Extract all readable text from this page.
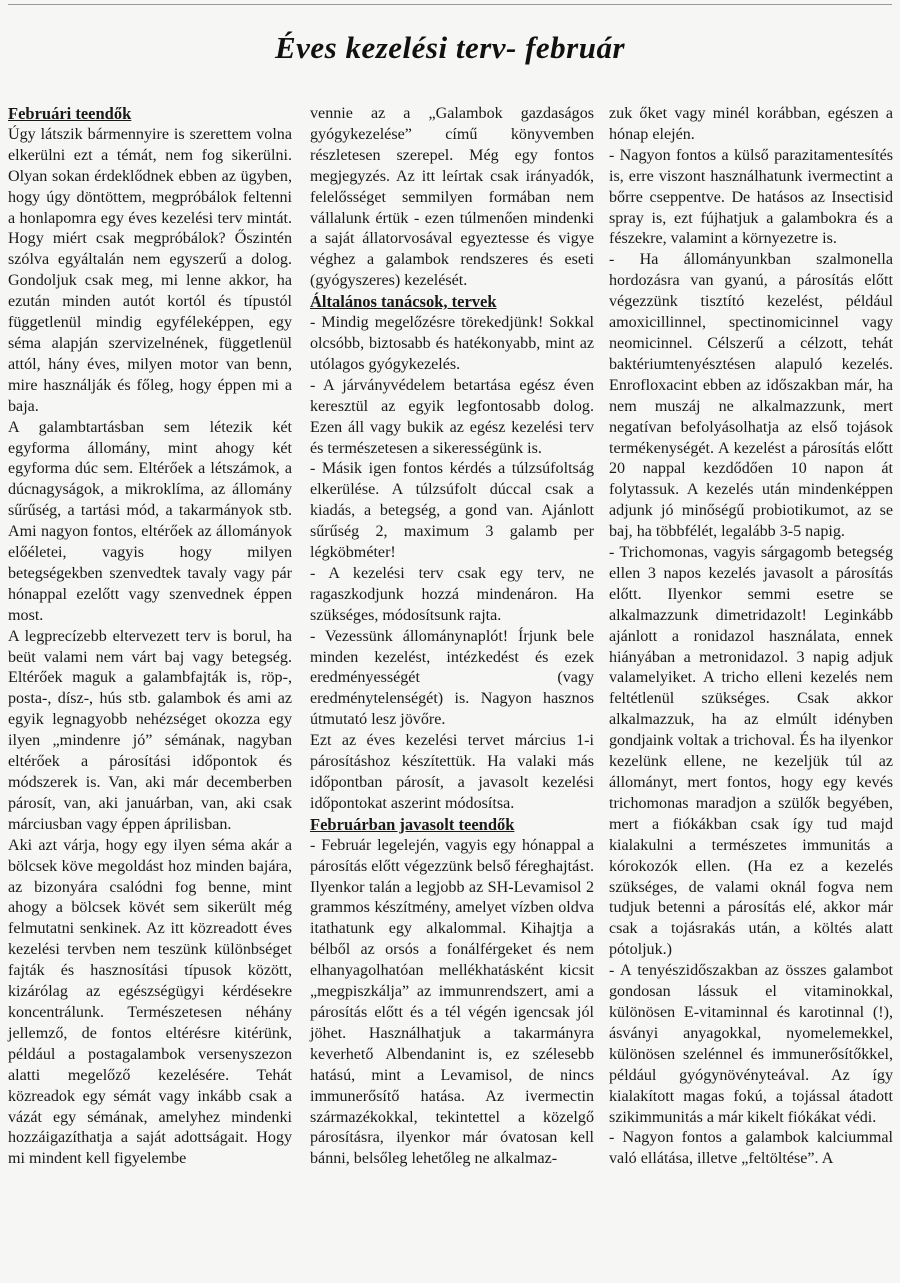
Éves kezelési terv- február
Februári teendők

Úgy látszik bármennyire is szerettem volna elkerülni ezt a témát, nem fog sikerülni. Olyan sokan érdeklődnek ebben az ügyben, hogy úgy döntöttem, megpróbálok feltenni a honlapomra egy éves kezelési terv mintát. Hogy miért csak megpróbálok? Őszintén szólva egyáltalán nem egyszerű a dolog. Gondoljuk csak meg, mi lenne akkor, ha ezután minden autót kortól és típustól függetlenül mindig egyféleképpen, egy séma alapján szervizelnének, függetlenül attól, hány éves, milyen motor van benn, mire használják és főleg, hogy éppen mi a baja.

A galambtartásban sem létezik két egyforma állomány, mint ahogy két egyforma dúc sem. Eltérőek a létszámok, a dúcnagyságok, a mikroklíma, az állomány sűrűség, a tartási mód, a takarmányok stb. Ami nagyon fontos, eltérőek az állományok előéletei, vagyis hogy milyen betegségekben szenvedtek tavaly vagy pár hónappal ezelőtt vagy szenvednek éppen most.

A legprecízebb eltervezett terv is borul, ha beüt valami nem várt baj vagy betegség. Eltérőek maguk a galambfajták is, röp-, posta-, dísz-, hús stb. galambok és ami az egyik legnagyobb nehézséget okozza egy ilyen „mindenre jó” sémának, nagyban eltérőek a párosítási időpontok és módszerek is. Van, aki már decemberben párosít, van, aki januárban, van, aki csak márciusban vagy éppen áprilisban.

Aki azt várja, hogy egy ilyen séma akár a bölcsek köve megoldást hoz minden bajára, az bizonyára csalódni fog benne, mint ahogy a bölcsek kövét sem sikerült még felmutatni senkinek. Az itt közreadott éves kezelési tervben nem teszünk különbséget fajták és hasznosítási típusok között, kizárólag az egészségügyi kérdésekre koncentrálunk. Természetesen néhány jellemző, de fontos eltérésre kitérünk, például a postagalambok versenyszezon alatti megelőző kezelésére. Tehát közreadok egy sémát vagy inkább csak a vázát egy sémának, amelyhez mindenki hozzáigazíthatja a saját adottságait. Hogy mi mindent kell figyelembe

vennie az a „Galambok gazdaságos gyógykezelése” című könyvemben részletesen szerepel. Még egy fontos megjegyzés. Az itt leírtak csak irányadók, felelősséget semmilyen formában nem vállalunk értük - ezen túlmenően mindenki a saját állatorvosával egyeztesse és vigye véghez a galambok rendszeres és eseti (gyógyszeres) kezelését.

Általános tanácsok, tervek

- Mindig megelőzésre törekedjünk! Sokkal olcsóbb, biztosabb és hatékonyabb, mint az utólagos gyógykezelés.

- A járványvédelem betartása egész éven keresztül az egyik legfontosabb dolog. Ezen áll vagy bukik az egész kezelési terv és természetesen a sikerességünk is.

- Másik igen fontos kérdés a túlzsúfoltság elkerülése. A túlzsúfolt dúccal csak a kiadás, a betegség, a gond van. Ajánlott sűrűség 2, maximum 3 galamb per légköbméter!

- A kezelési terv csak egy terv, ne ragaszkodjunk hozzá mindenáron. Ha szükséges, módosítsunk rajta.

- Vezessünk állománynaplót! Írjunk bele minden kezelést, intézkedést és ezek eredményességét (vagy eredménytelenségét) is. Nagyon hasznos útmutató lesz jövőre.

Ezt az éves kezelési tervet március 1-i párosításhoz készítettük. Ha valaki más időpontban párosít, a javasolt kezelési időpontokat aszerint módosítsa.

Februárban javasolt teendők

- Február legelején, vagyis egy hónappal a párosítás előtt végezzünk belső féreghajtást. Ilyenkor talán a legjobb az SH-Levamisol 2 grammos készítmény, amelyet vízben oldva itathatunk egy alkalommal. Kihajtja a bélből az orsós a fonálférgeket és nem elhanyagolhatóan mellékhatásként kicsit „megpiszkálja” az immunrendszert, ami a párosítás előtt és a tél végén igencsak jól jöhet. Használhatjuk a takarmányra keverhető Albendanint is, ez szélesebb hatású, mint a Levamisol, de nincs immunerősítő hatása. Az ivermectin származékokkal, tekintettel a közelgő párosításra, ilyenkor már óvatosan kell bánni, belsőleg lehetőleg ne alkalmaz-

zuk őket vagy minél korábban, egészen a hónap elején.

- Nagyon fontos a külső parazitamentesítés is, erre viszont használhatunk ivermectint a bőrre cseppentve. De hatásos az Insectisid spray is, ezt fújhatjuk a galambokra és a fészekre, valamint a környezetre is.

- Ha állományunkban szalmonella hordozásra van gyanú, a párosítás előtt végezzünk tisztító kezelést, például amoxicillinnel, spectinomicinnel vagy neomicinnel. Célszerű a célzott, tehát baktériumtenyésztésen alapuló kezelés. Enrofloxacint ebben az időszakban már, ha nem muszáj ne alkalmazzunk, mert negatívan befolyásolhatja az első tojások termékenységét. A kezelést a párosítás előtt 20 nappal kezdődően 10 napon át folytassuk. A kezelés után mindenképpen adjunk jó minőségű probiotikumot, az se baj, ha többfélét, legalább 3-5 napig.

- Trichomonas, vagyis sárgagomb betegség ellen 3 napos kezelés javasolt a párosítás előtt. Ilyenkor semmi esetre se alkalmazzunk dimetridazolt! Leginkább ajánlott a ronidazol használata, ennek hiányában a metronidazol. 3 napig adjuk valamelyiket. A tricho elleni kezelés nem feltétlenül szükséges. Csak akkor alkalmazzuk, ha az elmúlt idényben gondjaink voltak a trichoval. És ha ilyenkor kezelünk ellene, ne kezeljük túl az állományt, mert fontos, hogy egy kevés trichomonas maradjon a szülők begyében, mert a fiókákban csak így tud majd kialakulni a természetes immunitás a kórokozók ellen. (Ha ez a kezelés szükséges, de valami oknál fogva nem tudjuk betenni a párosítás elé, akkor már csak a tojásrakás után, a költés alatt pótoljuk.)

- A tenyészidőszakban az összes galambot gondosan lássuk el vitaminokkal, különösen E-vitaminnal és karotinnal (!), ásványi anyagokkal, nyomelemekkel, különösen szelénnel és immunerősítőkkel, például gyógynövényteával. Az így kialakított magas fokú, a tojással átadott szikimmunitás a már kikelt fiókákat védi.

- Nagyon fontos a galambok kalciummal való ellátása, illetve „feltöltése”. A
